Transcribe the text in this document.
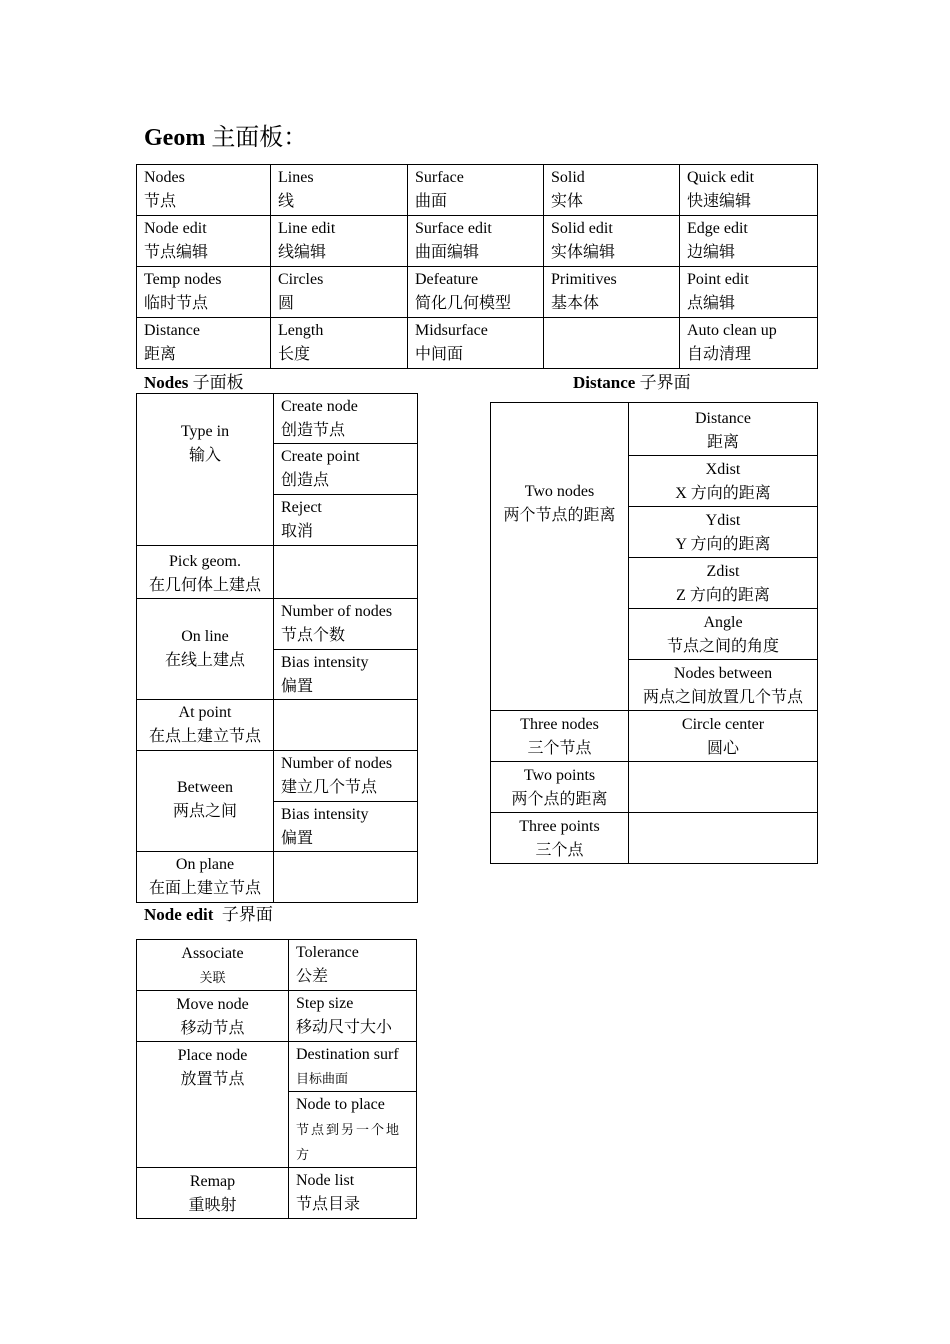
Geom 主面板：
Nodes
节点	Lines
线	Surface
曲面	Solid
实体	Quick edit
快速编辑

Node edit
节点编辑	Line edit
线编辑	Surface edit
曲面编辑	Solid edit
实体编辑	Edge edit
边编辑

Temp nodes
临时节点	Circles
圆	Defeature
简化几何模型	Primitives
基本体	Point edit
点编辑

Distance
距离	Length
长度	Midsurface
中间面		Auto clean up
自动清理
Nodes 子面板
Type in
输入	Create node
创造节点

	Create point
创造点

	Reject
取消

Pick geom.
在几何体上建点	

On line
在线上建点	Number of nodes
节点个数

	Bias intensity
偏置

At point
在点上建立节点	

Between
两点之间	Number of nodes
建立几个节点

	Bias intensity
偏置

On plane
在面上建立节点	

Distance 子界面
Two nodes
两个节点的距离	Distance
距离

	Xdist
X 方向的距离

	Ydist
Y 方向的距离

	Zdist
Z 方向的距离

	Angle
节点之间的角度

	Nodes between
两点之间放置几个节点

Three nodes
三个节点	Circle center
圆心

Two points
两个点的距离	

Three points
三个点	

Node edit  子界面
Associate
关联	Tolerance
公差

Move node
移动节点	Step size
移动尺寸大小

Place node
放置节点	Destination surf
目标曲面

	Node to place
节点到另一个地方

Remap
重映射	Node list
节点目录
